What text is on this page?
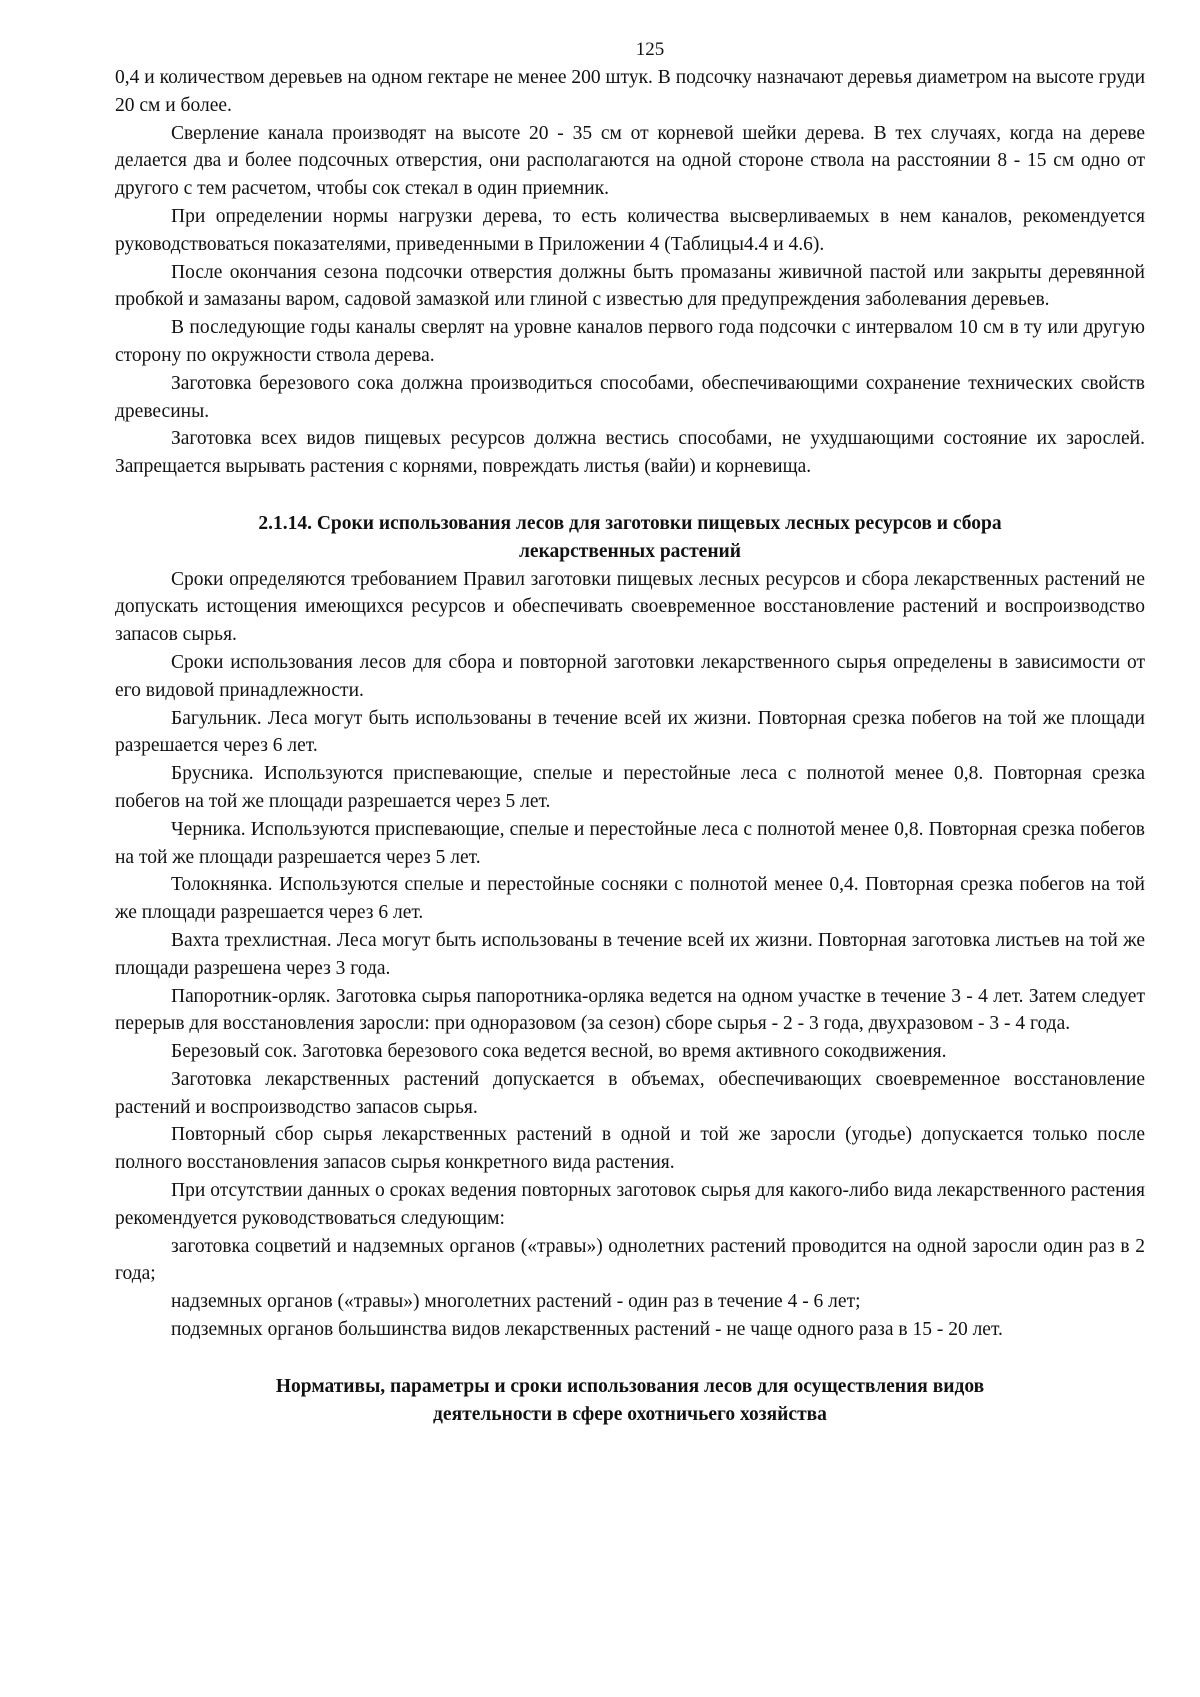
125

0,4 и количеством деревьев на одном гектаре не менее 200 штук. В подсочку назначают деревья диаметром на высоте груди 20 см и более.

Сверление канала производят на высоте 20 - 35 см от корневой шейки дерева. В тех случаях, когда на дереве делается два и более подсочных отверстия, они располагаются на одной стороне ствола на расстоянии 8 - 15 см одно от другого с тем расчетом, чтобы сок стекал в один приемник.

При определении нормы нагрузки дерева, то есть количества высверливаемых в нем каналов, рекомендуется руководствоваться показателями, приведенными в Приложении 4 (Таблицы4.4 и 4.6).

После окончания сезона подсочки отверстия должны быть промазаны живичной пастой или закрыты деревянной пробкой и замазаны варом, садовой замазкой или глиной с известью для предупреждения заболевания деревьев.

В последующие годы каналы сверлят на уровне каналов первого года подсочки с интервалом 10 см в ту или другую сторону по окружности ствола дерева.

Заготовка березового сока должна производиться способами, обеспечивающими сохранение технических свойств древесины.

Заготовка всех видов пищевых ресурсов должна вестись способами, не ухудшающими состояние их зарослей. Запрещается вырывать растения с корнями, повреждать листья (вайи) и корневища.

2.1.14. Сроки использования лесов для заготовки пищевых лесных ресурсов и сбора
лекарственных растений

Сроки определяются требованием Правил заготовки пищевых лесных ресурсов и сбора лекарственных растений не допускать истощения имеющихся ресурсов и обеспечивать своевременное восстановление растений и воспроизводство запасов сырья.

Сроки использования лесов для сбора и повторной заготовки лекарственного сырья определены в зависимости от его видовой принадлежности.

Багульник. Леса могут быть использованы в течение всей их жизни. Повторная срезка побегов на той же площади разрешается через 6 лет.

Брусника. Используются приспевающие, спелые и перестойные леса с полнотой менее 0,8. Повторная срезка побегов на той же площади разрешается через 5 лет.

Черника. Используются приспевающие, спелые и перестойные леса с полнотой менее 0,8. Повторная срезка побегов на той же площади разрешается через 5 лет.

Толокнянка. Используются спелые и перестойные сосняки с полнотой менее 0,4. Повторная срезка побегов на той же площади разрешается через 6 лет.

Вахта трехлистная. Леса могут быть использованы в течение всей их жизни. Повторная заготовка листьев на той же площади разрешена через 3 года.

Папоротник-орляк. Заготовка сырья папоротника-орляка ведется на одном участке в течение 3 - 4 лет. Затем следует перерыв для восстановления заросли: при одноразовом (за сезон) сборе сырья - 2 - 3 года, двухразовом - 3 - 4 года.

Березовый сок. Заготовка березового сока ведется весной, во время активного сокодвижения.

Заготовка лекарственных растений допускается в объемах, обеспечивающих своевременное восстановление растений и воспроизводство запасов сырья.

Повторный сбор сырья лекарственных растений в одной и той же заросли (угодье) допускается только после полного восстановления запасов сырья конкретного вида растения.

При отсутствии данных о сроках ведения повторных заготовок сырья для какого-либо вида лекарственного растения рекомендуется руководствоваться следующим:

заготовка соцветий и надземных органов («травы») однолетних растений проводится на одной заросли один раз в 2 года;

надземных органов («травы») многолетних растений - один раз в течение 4 - 6 лет;

подземных органов большинства видов лекарственных растений - не чаще одного раза в 15 - 20 лет.

Нормативы, параметры и сроки использования лесов для осуществления видов
деятельности в сфере охотничьего хозяйства
